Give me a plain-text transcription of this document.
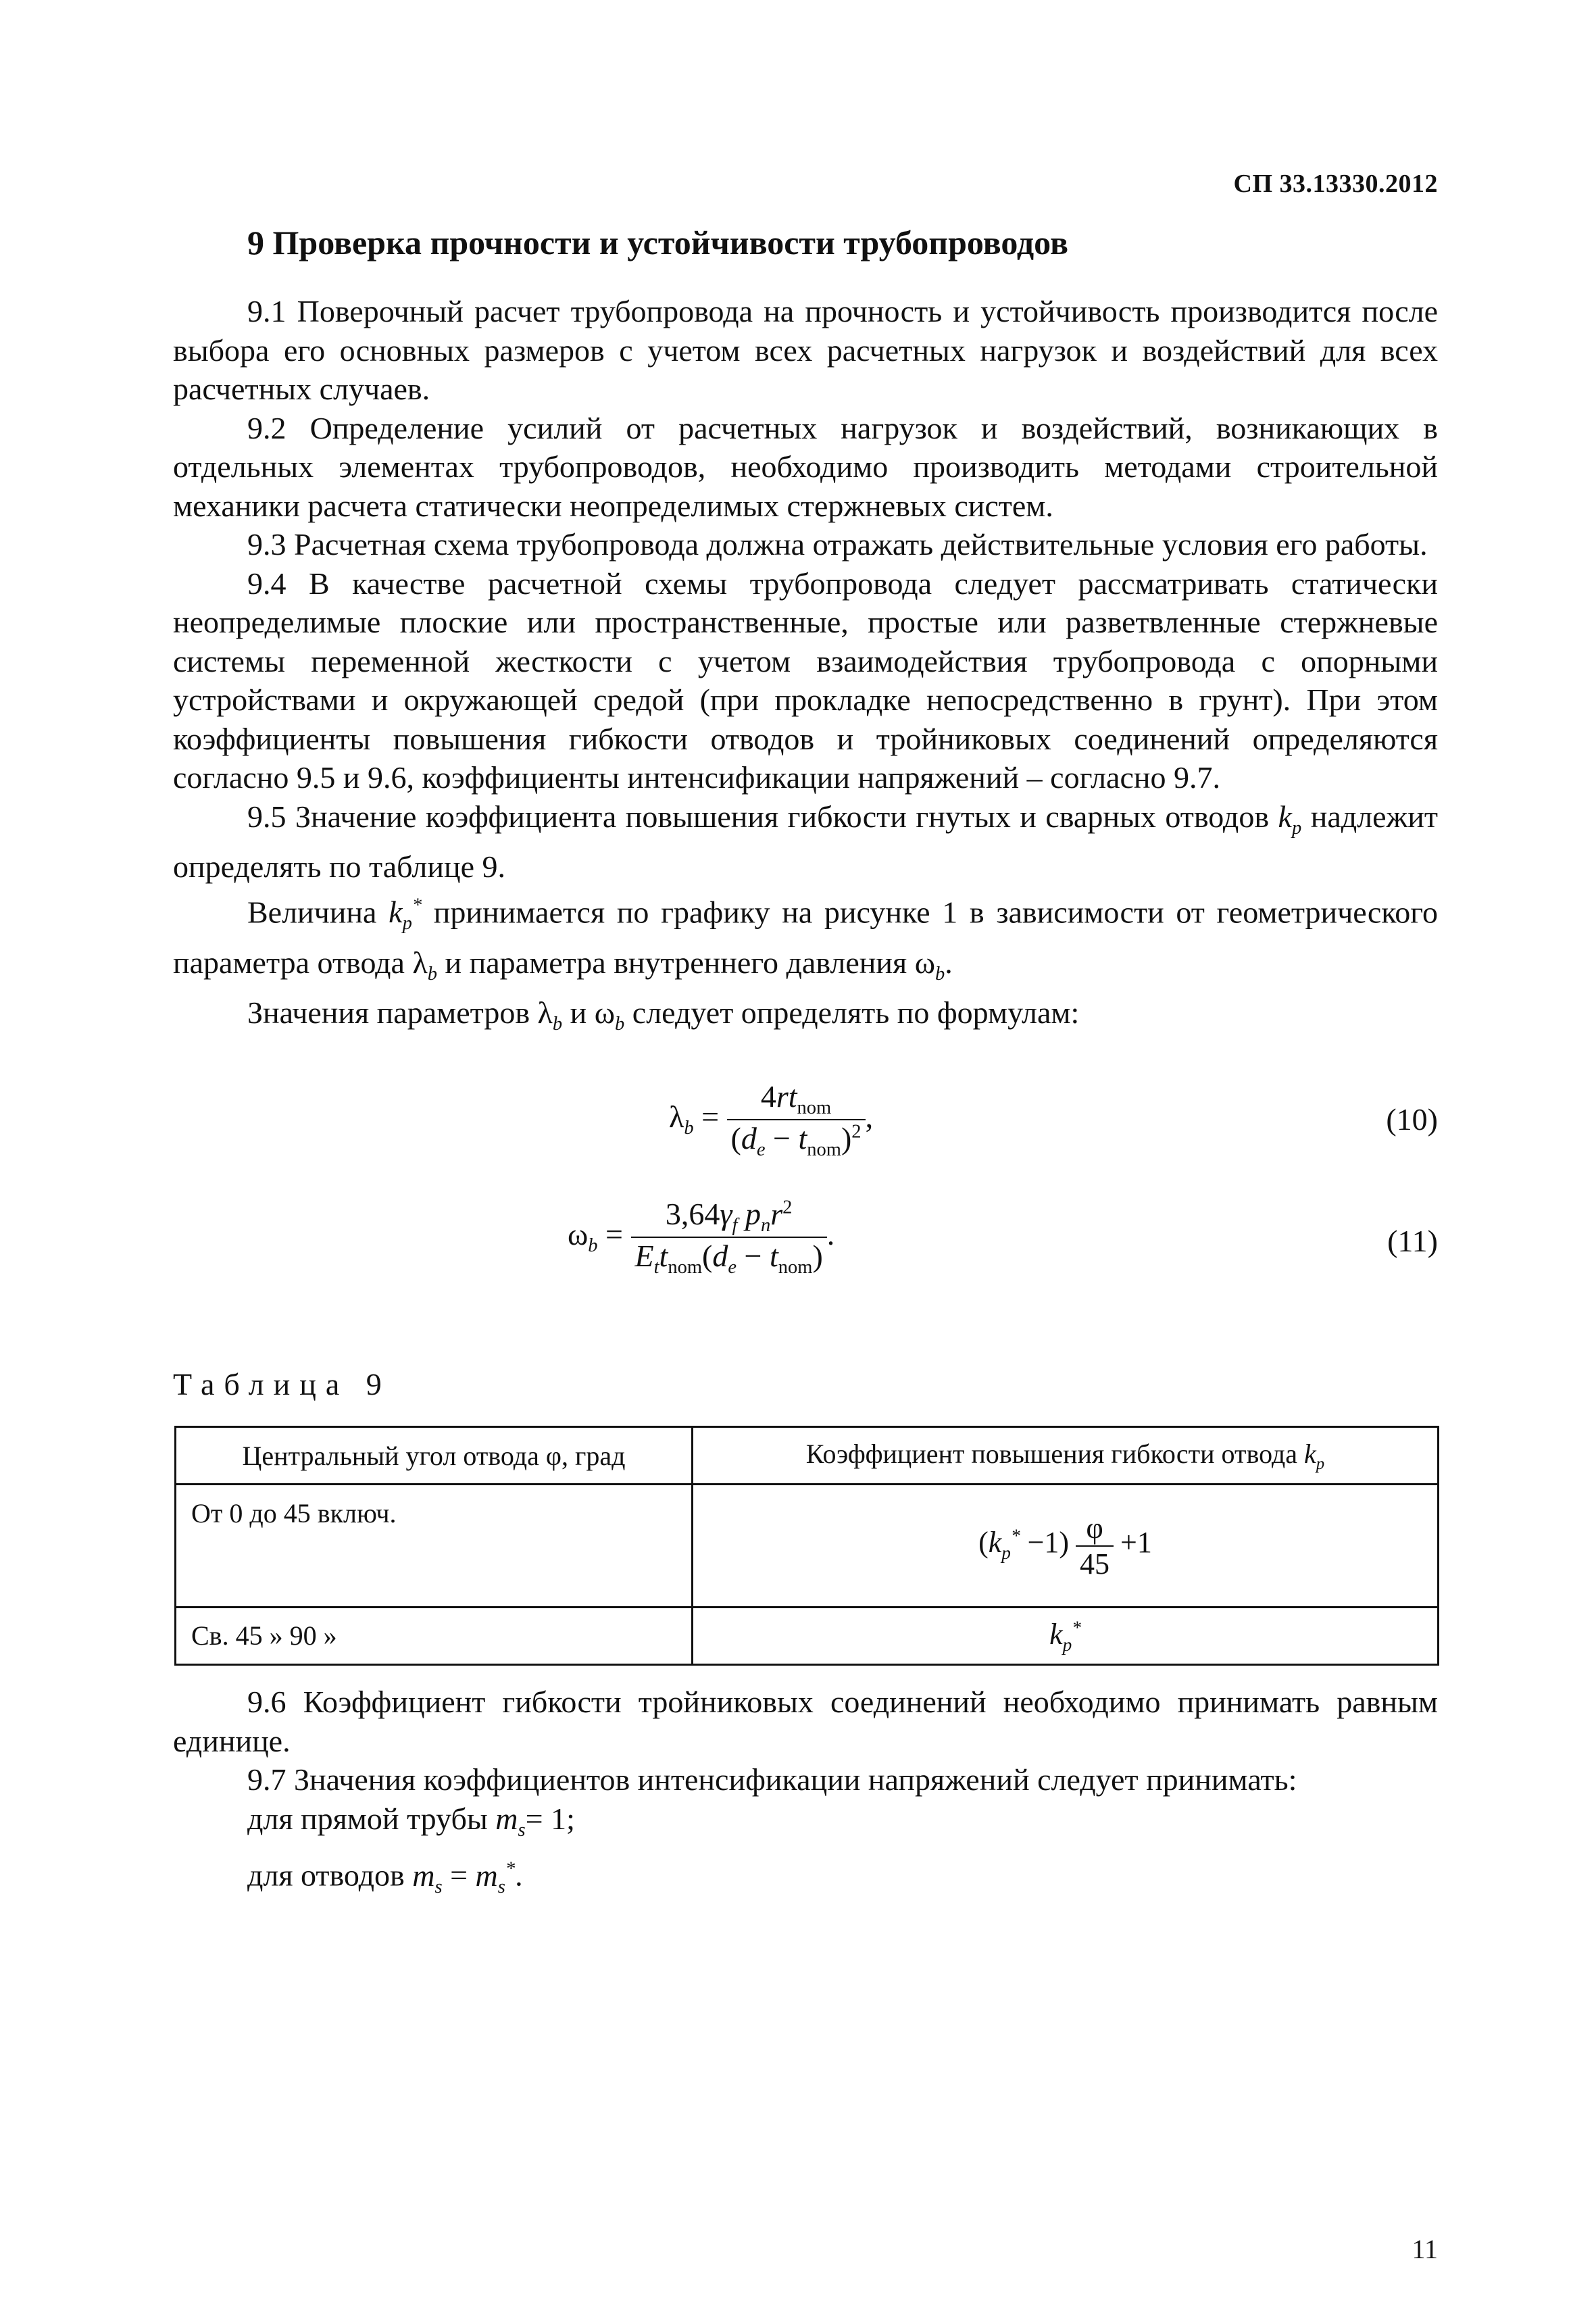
СП 33.13330.2012
9 Проверка прочности и устойчивости трубопроводов

9.1 Поверочный расчет трубопровода на прочность и устойчивость производится после выбора его основных размеров с учетом всех расчетных нагрузок и воздействий для всех расчетных случаев.

9.2 Определение усилий от расчетных нагрузок и воздействий, возникающих в отдельных элементах трубопроводов, необходимо производить методами строительной механики расчета статически неопределимых стержневых систем.

9.3 Расчетная схема трубопровода должна отражать действительные условия его работы.

9.4 В качестве расчетной схемы трубопровода следует рассматривать статически неопределимые плоские или пространственные, простые или разветвленные стержневые системы переменной жесткости с учетом взаимодействия трубопровода с опорными устройствами и окружающей средой (при прокладке непосредственно в грунт). При этом коэффициенты повышения гибкости отводов и тройниковых соединений определяются согласно 9.5 и 9.6, коэффициенты интенсификации напряжений – согласно 9.7.

9.5 Значение коэффициента повышения гибкости гнутых и сварных отводов $k_p$ надлежит определять по таблице 9.

Величина $k_p^*$ принимается по графику на рисунке 1 в зависимости от геометрического параметра отвода $\lambda_b$ и параметра внутреннего давления $\omega_b$.

Значения параметров $\lambda_b$ и $\omega_b$ следует определять по формулам:

$\lambda_b = \frac{4rt_{nom}}{(d_e - t_{nom})^2}$ ,	(10)
$\omega_b = \frac{3,64\gamma_f p_nr^2}{E_tt_{nom}(d_e - t_{nom})}$ .	(11)
Таблица 9
Центральный угол отвода φ, град	Коэффициент повышения гибкости отвода $k_p$
От 0 до 45 включ.	$(k_p^* -1) \frac{\varphi}{45} +1$
Св. 45 » 90 »	$k_p^*$

9.6 Коэффициент гибкости тройниковых соединений необходимо принимать равным единице.

9.7 Значения коэффициентов интенсификации напряжений следует принимать:

для прямой трубы $m_s= 1$;

для отводов $m_s = m_s^*$.

11
